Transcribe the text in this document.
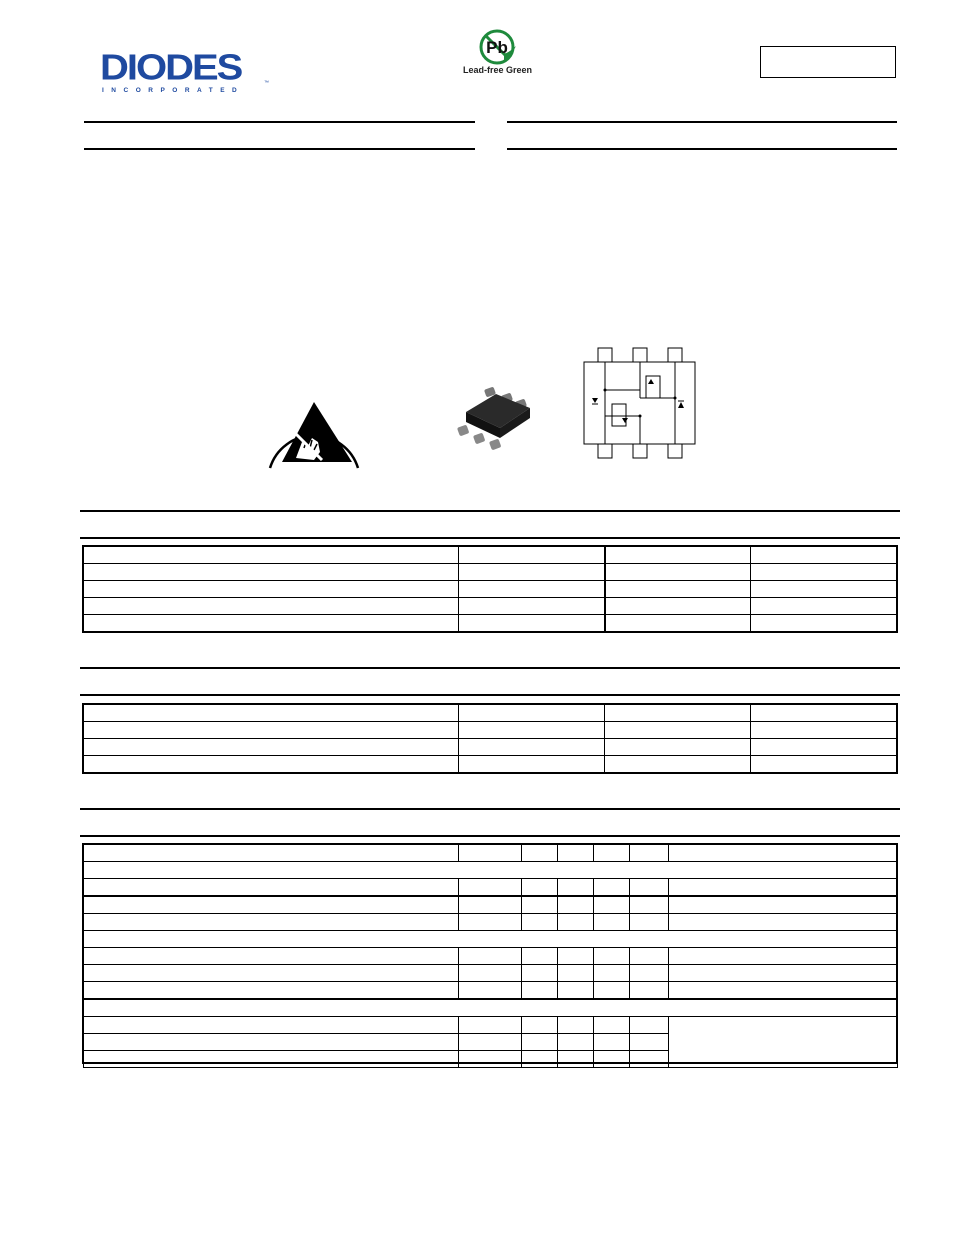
DIODES
INCORPORATED
™
Pb
Lead-free Green
